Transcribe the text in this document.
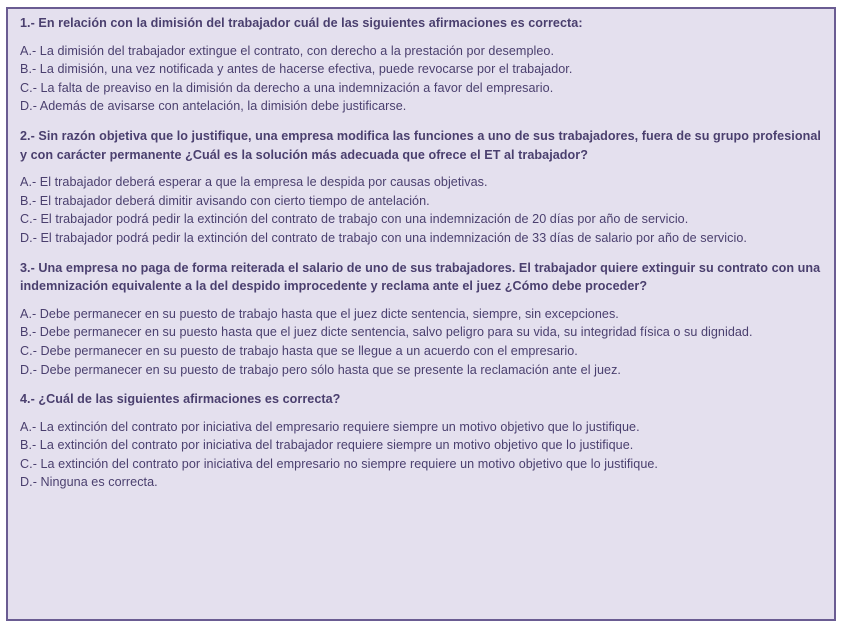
1.- En relación con la dimisión del trabajador cuál de las siguientes afirmaciones es correcta:
A.- La dimisión del trabajador extingue el contrato, con derecho a la prestación por desempleo.
B.- La dimisión, una vez notificada y antes de hacerse efectiva, puede revocarse por el trabajador.
C.- La falta de preaviso en la dimisión da derecho a una indemnización a favor del empresario.
D.- Además de avisarse con antelación, la dimisión debe justificarse.
2.- Sin razón objetiva que lo justifique, una empresa modifica las funciones a uno de sus trabajadores, fuera de su grupo profesional y con carácter permanente ¿Cuál es la solución más adecuada que ofrece el ET al trabajador?
A.- El trabajador deberá esperar a que la empresa le despida por causas objetivas.
B.- El trabajador deberá dimitir avisando con cierto tiempo de antelación.
C.- El trabajador podrá pedir la extinción del contrato de trabajo con una indemnización de 20 días por año de servicio.
D.- El trabajador podrá pedir la extinción del contrato de trabajo con una indemnización de 33 días de salario por año de servicio.
3.- Una empresa no paga de forma reiterada el salario de uno de sus trabajadores. El trabajador quiere extinguir su contrato con una indemnización equivalente a la del despido improcedente y reclama ante el juez ¿Cómo debe proceder?
A.- Debe permanecer en su puesto de trabajo hasta que el juez dicte sentencia, siempre, sin excepciones.
B.- Debe permanecer en su puesto hasta que el juez dicte sentencia, salvo peligro para su vida, su integridad física o su dignidad.
C.- Debe permanecer en su puesto de trabajo hasta que se llegue a un acuerdo con el empresario.
D.- Debe permanecer en su puesto de trabajo pero sólo hasta que se presente la reclamación ante el juez.
4.- ¿Cuál de las siguientes afirmaciones es correcta?
A.- La extinción del contrato por iniciativa del empresario requiere siempre un motivo objetivo que lo justifique.
B.- La extinción del contrato por iniciativa del trabajador requiere siempre un motivo objetivo que lo justifique.
C.- La extinción del contrato por iniciativa del empresario no siempre requiere un motivo objetivo que lo justifique.
D.- Ninguna es correcta.
